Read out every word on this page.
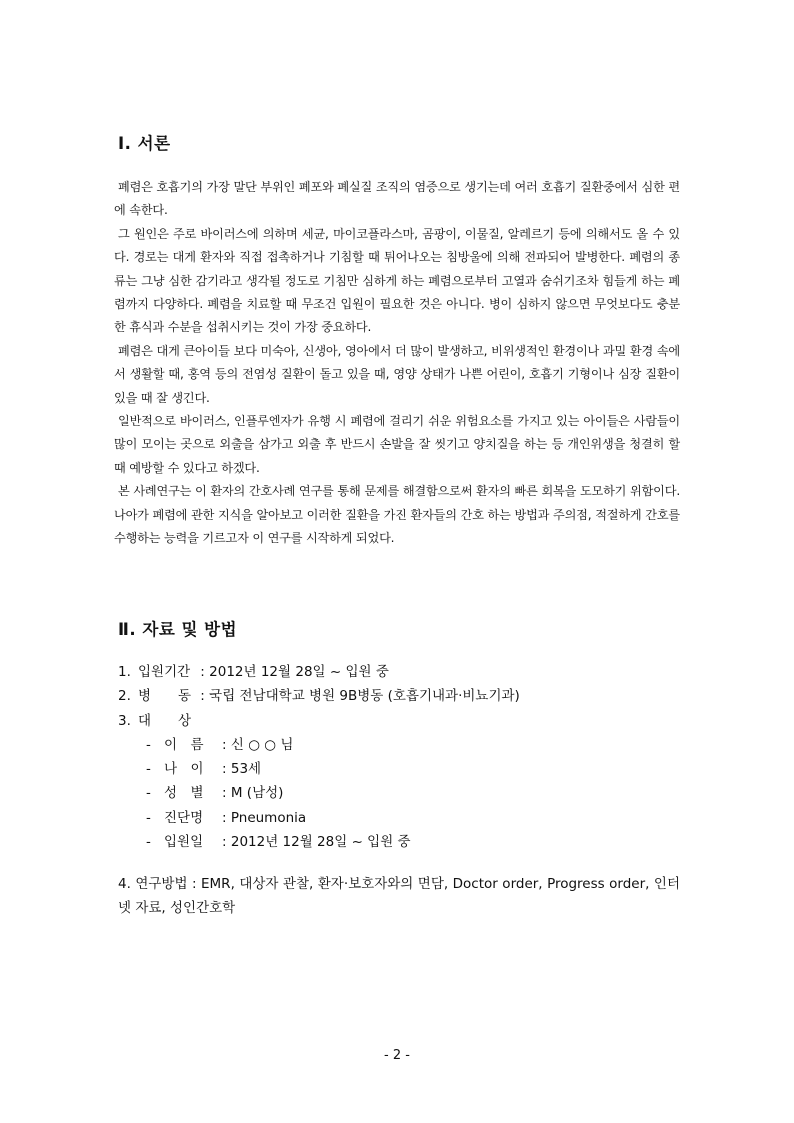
Ⅰ. 서론

폐렴은 호흡기의 가장 말단 부위인 폐포와 폐실질 조직의 염증으로 생기는데 여러 호흡기 질환중에서 심한 편에 속한다.

그 원인은 주로 바이러스에 의하며 세균, 마이코플라스마, 곰팡이, 이물질, 알레르기 등에 의해서도 올 수 있다. 경로는 대게 환자와 직접 접촉하거나 기침할 때 튀어나오는 침방울에 의해 전파되어 발병한다. 폐렴의 종류는 그냥 심한 감기라고 생각될 정도로 기침만 심하게 하는 폐렴으로부터 고열과 숨쉬기조차 힘들게 하는 폐렴까지 다양하다. 폐렴을 치료할 때 무조건 입원이 필요한 것은 아니다. 병이 심하지 않으면 무엇보다도 충분한 휴식과 수분을 섭취시키는 것이 가장 중요하다.

폐렴은 대게 큰아이들 보다 미숙아, 신생아, 영아에서 더 많이 발생하고, 비위생적인 환경이나 과밀 환경 속에서 생활할 때, 홍역 등의 전염성 질환이 돌고 있을 때, 영양 상태가 나쁜 어린이, 호흡기 기형이나 심장 질환이 있을 때 잘 생긴다.

일반적으로 바이러스, 인플루엔자가 유행 시 폐렴에 걸리기 쉬운 위험요소를 가지고 있는 아이들은 사람들이 많이 모이는 곳으로 외출을 삼가고 외출 후 반드시 손발을 잘 씻기고 양치질을 하는 등 개인위생을 청결히 할 때 예방할 수 있다고 하겠다.

본 사례연구는 이 환자의 간호사례 연구를 통해 문제를 해결함으로써 환자의 빠른 회복을 도모하기 위함이다. 나아가 폐렴에 관한 지식을 알아보고 이러한 질환을 가진 환자들의 간호 하는 방법과 주의점, 적절하게 간호를 수행하는 능력을 기르고자 이 연구를 시작하게 되었다.

Ⅱ. 자료 및 방법
1. 입원기간 : 2012년 12월 28일 ~ 입원 중
2. 병　　동 : 국립 전남대학교 병원 9B병동 (호흡기내과·비뇨기과)
3. 대　　상
- 이　름 : 신 ○ ○ 님
- 나　이 : 53세
- 성　별 : M (남성)
- 진단명 : Pneumonia
- 입원일 : 2012년 12월 28일 ~ 입원 중

4. 연구방법 : EMR, 대상자 관찰, 환자·보호자와의 면담, Doctor order, Progress order, 인터넷 자료, 성인간호학

- 2 -
